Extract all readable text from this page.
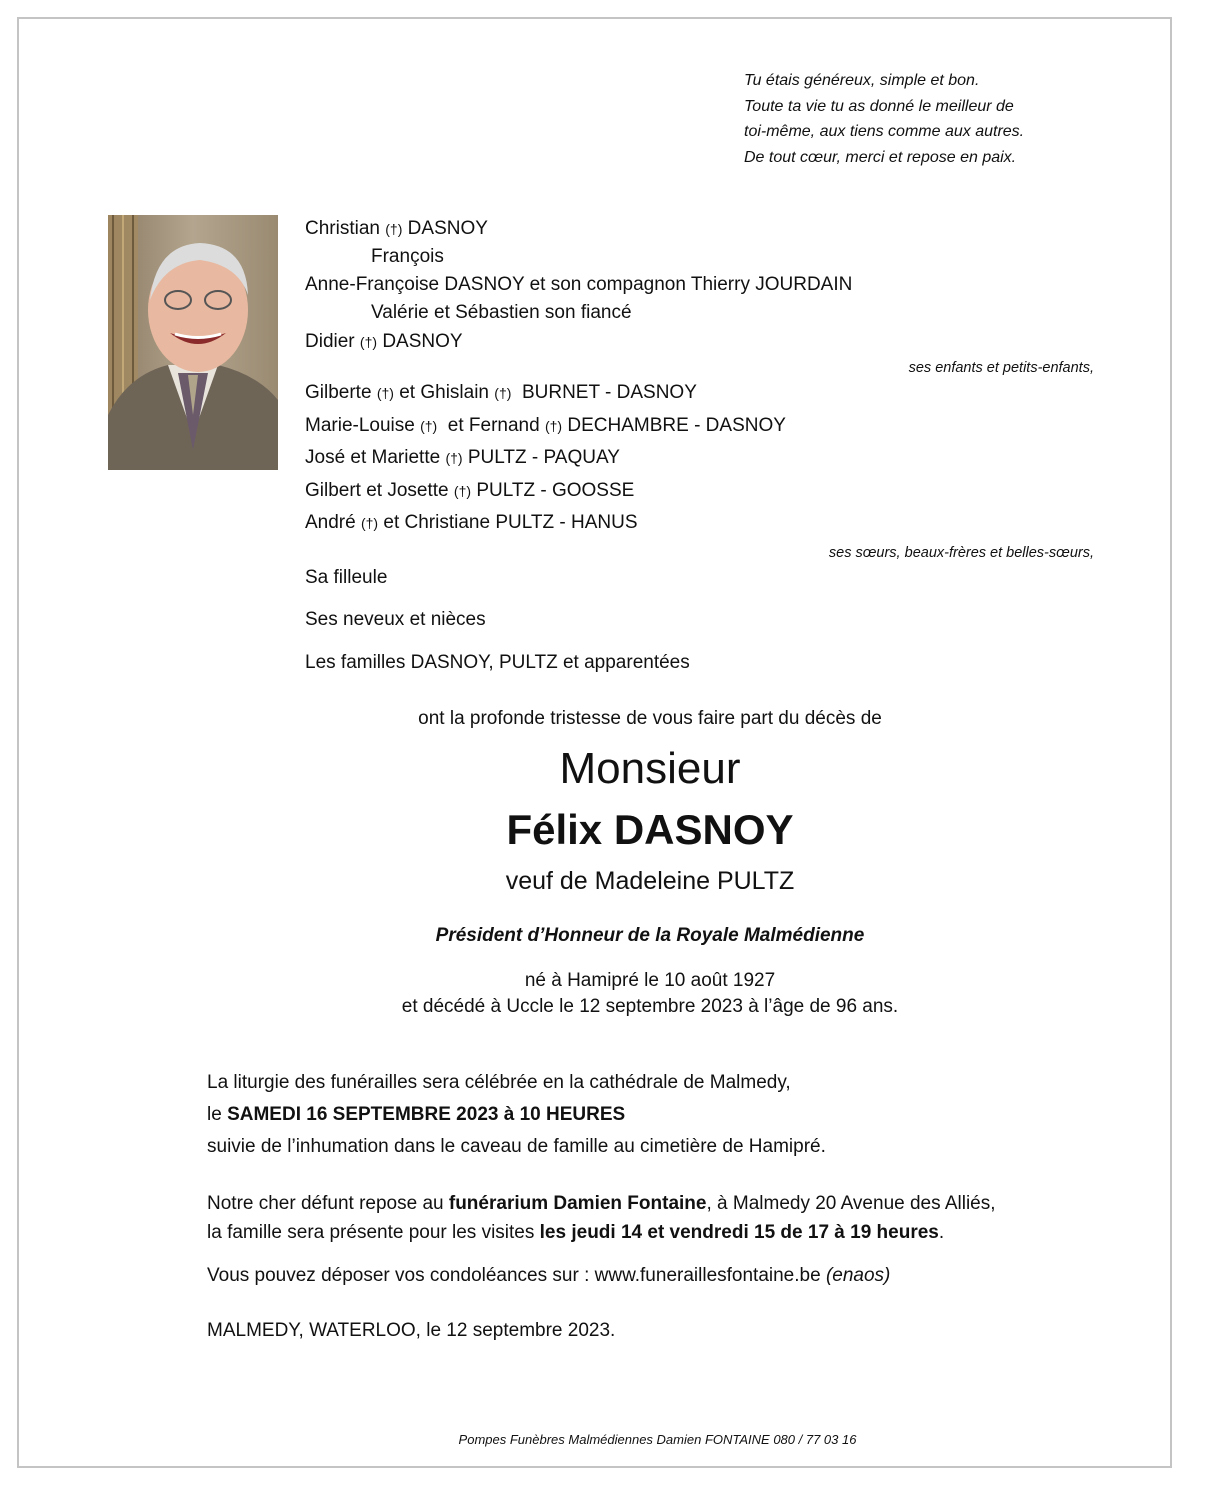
Tu étais généreux, simple et bon.
Toute ta vie tu as donné le meilleur de
toi-même, aux tiens comme aux autres.
De tout cœur, merci et repose en paix.
Christian (†) DASNOY
François
Anne-Françoise DASNOY et son compagnon Thierry JOURDAIN
Valérie et Sébastien son fiancé
Didier (†) DASNOY
ses enfants et petits-enfants,
Gilberte (†) et Ghislain (†) BURNET - DASNOY
Marie-Louise (†) et Fernand (†) DECHAMBRE - DASNOY
José et Mariette (†) PULTZ - PAQUAY
Gilbert et Josette (†) PULTZ - GOOSSE
André (†) et Christiane PULTZ - HANUS
ses sœurs, beaux-frères et belles-sœurs,
Sa filleule
Ses neveux et nièces
Les familles DASNOY, PULTZ et apparentées
ont la profonde tristesse de vous faire part du décès de
Monsieur
Félix DASNOY
veuf de Madeleine PULTZ
Président d’Honneur de la Royale Malmédienne
né à Hamipré le 10 août 1927
et décédé à Uccle le 12 septembre 2023 à l’âge de 96 ans.
La liturgie des funérailles sera célébrée en la cathédrale de Malmedy,
le SAMEDI 16 SEPTEMBRE 2023 à 10 HEURES
suivie de l’inhumation dans le caveau de famille au cimetière de Hamipré.
Notre cher défunt repose au funérarium Damien Fontaine, à Malmedy 20 Avenue des Alliés,
la famille sera présente pour les visites les jeudi 14 et vendredi 15 de 17 à 19 heures.
Vous pouvez déposer vos condoléances sur : www.funeraillesfontaine.be (enaos)
MALMEDY, WATERLOO, le 12 septembre 2023.
Pompes Funèbres Malmédiennes Damien FONTAINE 080 / 77 03 16
